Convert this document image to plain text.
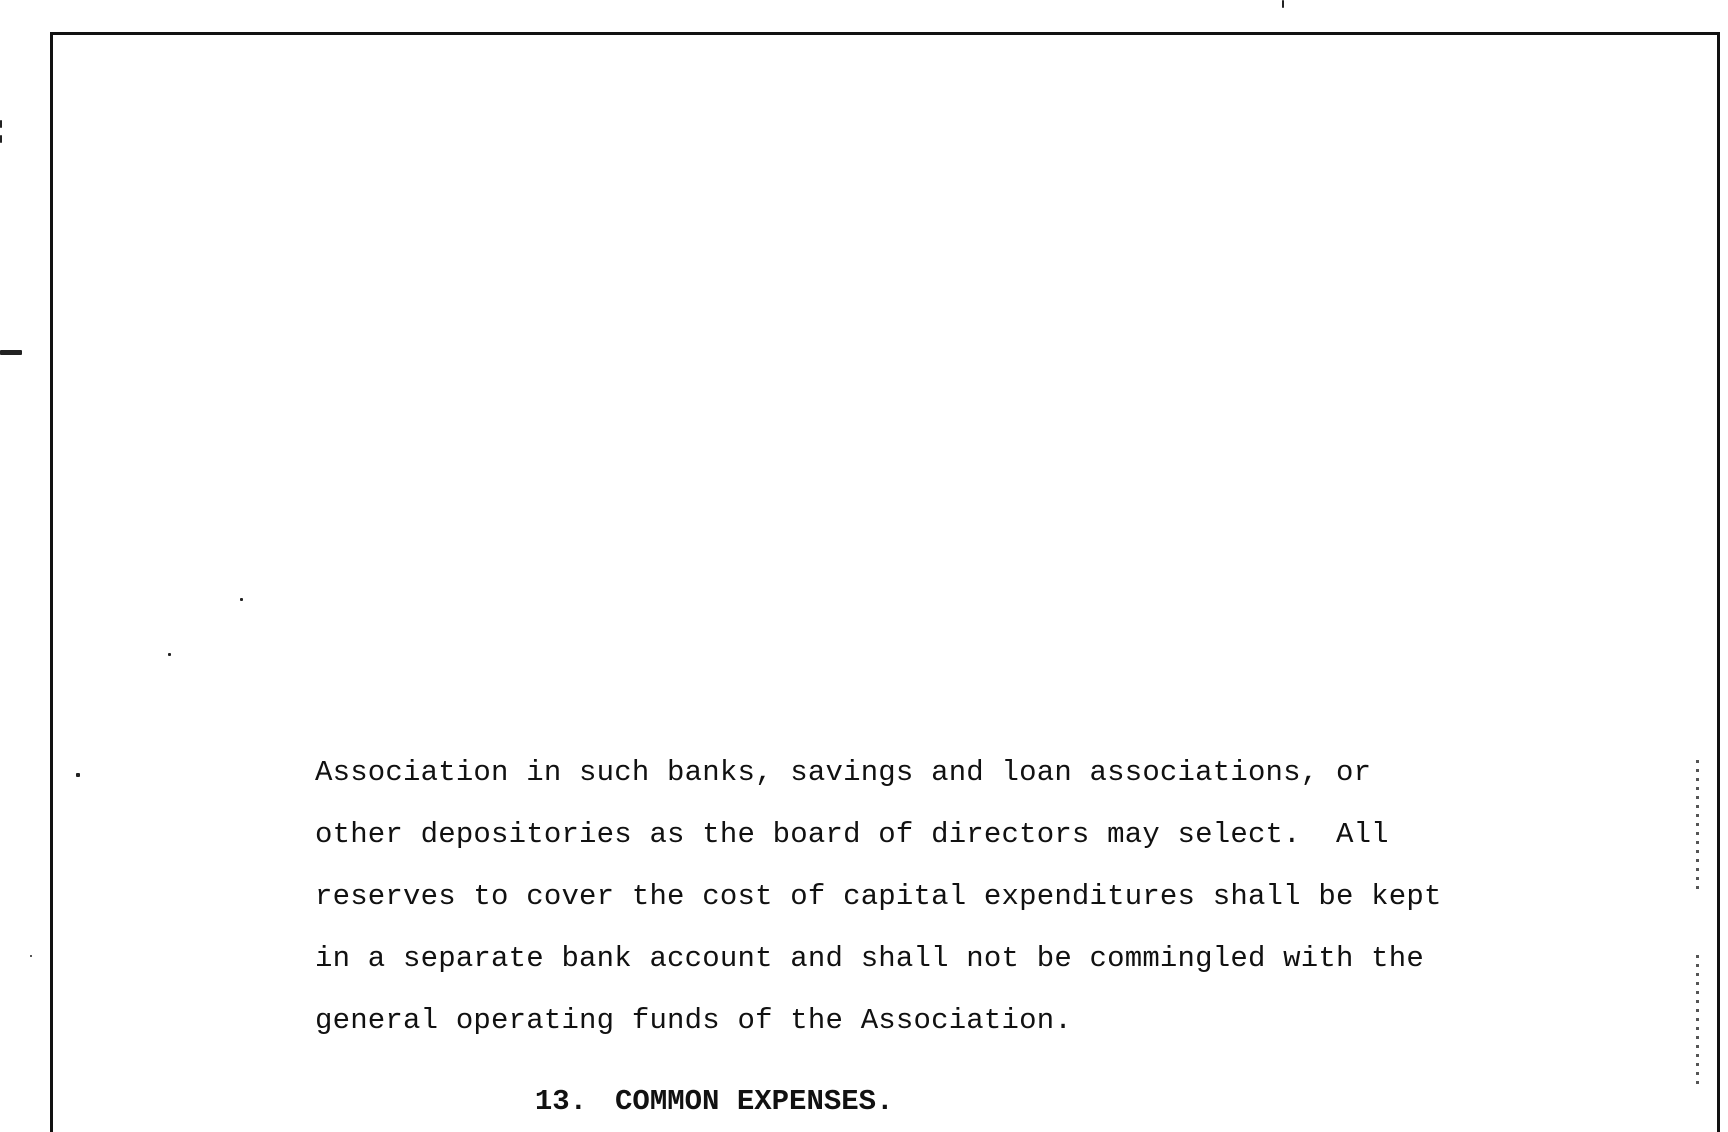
Association in such banks, savings and loan associations, or
other depositories as the board of directors may select.  All
reserves to cover the cost of capital expenditures shall be kept
in a separate bank account and shall not be commingled with the
general operating funds of the Association.

13. COMMON EXPENSES.
